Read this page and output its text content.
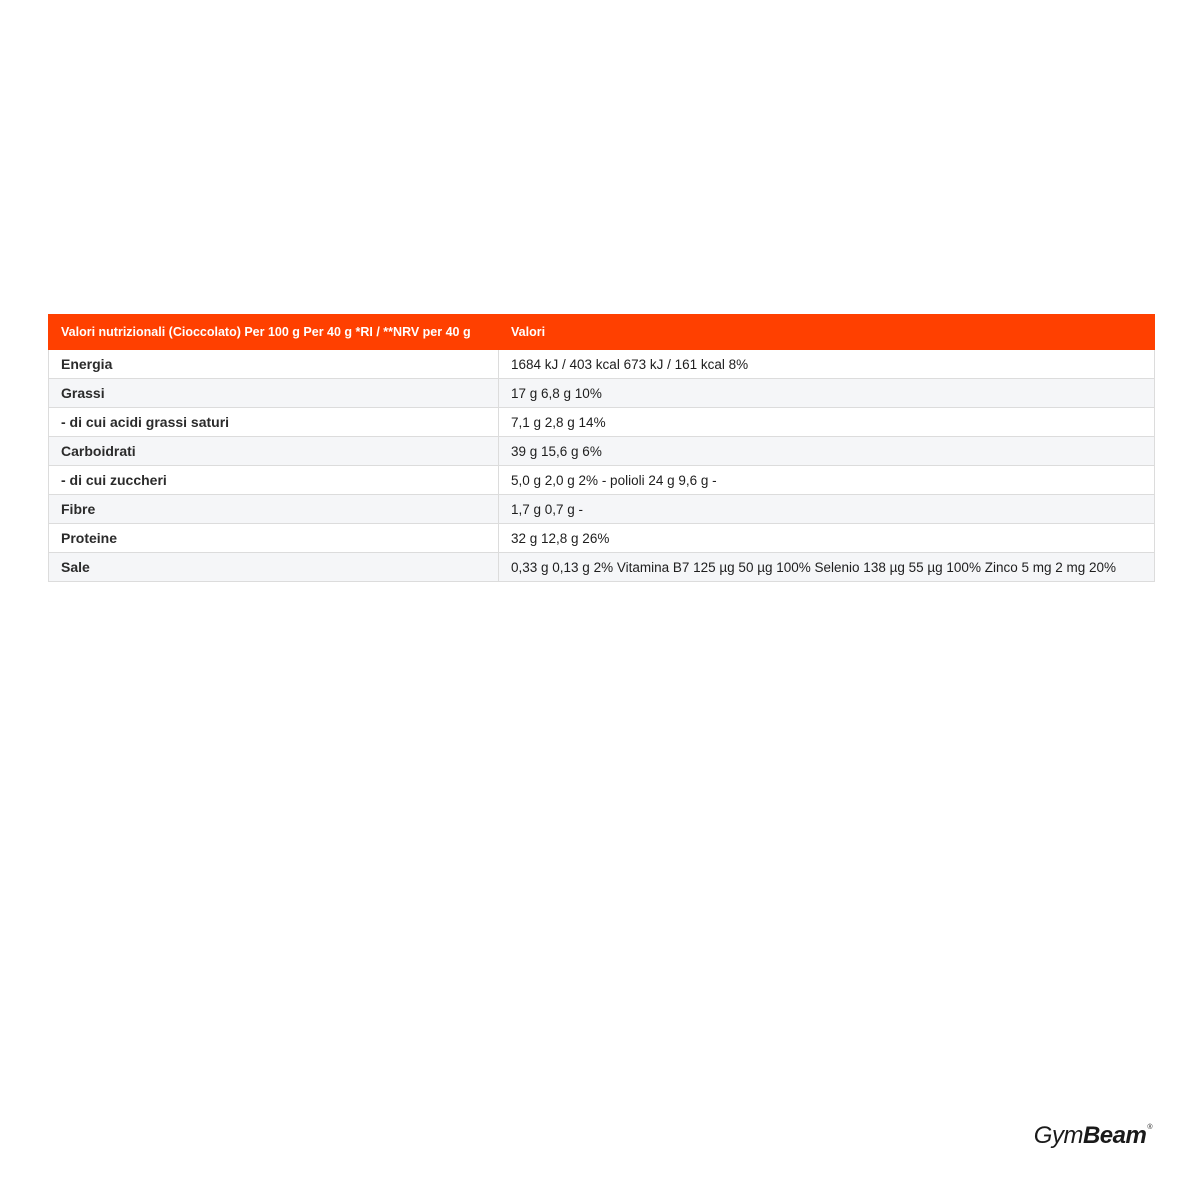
Valori nutrizionali (Cioccolato) Per 100 g Per 40 g *RI / **NRV per 40 g	Valori
Energia	1684 kJ / 403 kcal 673 kJ / 161 kcal 8%
Grassi	17 g 6,8 g 10%
- di cui acidi grassi saturi	7,1 g 2,8 g 14%
Carboidrati	39 g 15,6 g 6%
- di cui zuccheri	5,0 g 2,0 g 2% - polioli 24 g 9,6 g -
Fibre	1,7 g 0,7 g -
Proteine	32 g 12,8 g 26%
Sale	0,33 g 0,13 g 2% Vitamina B7 125 µg 50 µg 100% Selenio 138 µg 55 µg 100% Zinco 5 mg 2 mg 20%
Gym Beam ®
